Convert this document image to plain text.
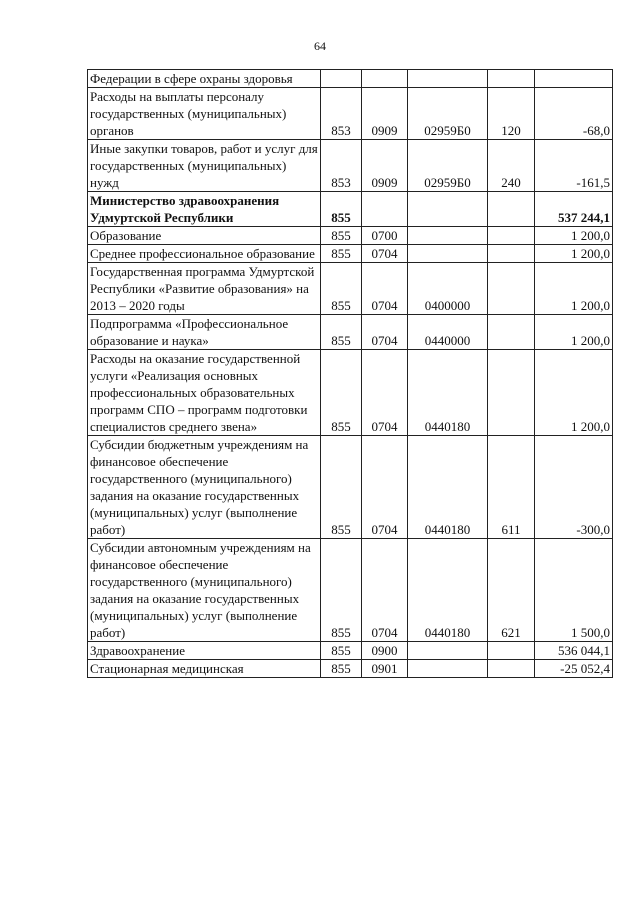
64
Федерации в сфере охраны здоровья					
Расходы на выплаты персоналу государственных (муниципальных) органов	853	0909	02959Б0	120	-68,0
Иные закупки товаров, работ и услуг для государственных (муниципальных) нужд	853	0909	02959Б0	240	-161,5
Министерство здравоохранения Удмуртской Республики	855				537 244,1
Образование	855	0700			1 200,0
Среднее профессиональное образование	855	0704			1 200,0
Государственная программа Удмуртской Республики «Развитие образования» на 2013 – 2020 годы	855	0704	0400000		1 200,0
Подпрограмма «Профессиональное образование и наука»	855	0704	0440000		1 200,0
Расходы на оказание государственной услуги «Реализация основных профессиональных образовательных программ СПО – программ подготовки специалистов среднего звена»	855	0704	0440180		1 200,0
Субсидии бюджетным учреждениям на финансовое обеспечение государственного (муниципального) задания на оказание государственных (муниципальных) услуг (выполнение работ)	855	0704	0440180	611	-300,0
Субсидии автономным учреждениям на финансовое обеспечение государственного (муниципального) задания на оказание государственных (муниципальных) услуг (выполнение работ)	855	0704	0440180	621	1 500,0
Здравоохранение	855	0900			536 044,1
Стационарная медицинская	855	0901			-25 052,4
